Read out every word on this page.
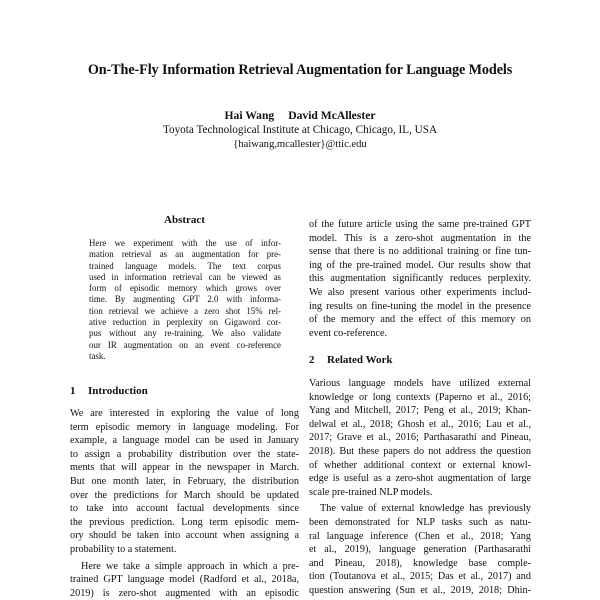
On-The-Fly Information Retrieval Augmentation for Language Models
Hai Wang David McAllester
Toyota Technological Institute at Chicago, Chicago, IL, USA
{haiwang,mcallester}@ttic.edu
Abstract
Here we experiment with the use of infor-
mation retrieval as an augmentation for pre-
trained language models. The text corpus
used in information retrieval can be viewed as
form of episodic memory which grows over
time. By augmenting GPT 2.0 with informa-
tion retrieval we achieve a zero shot 15% rel-
ative reduction in perplexity on Gigaword cor-
pus without any re-training. We also validate
our IR augmentation on an event co-reference
task.
of the future article using the same pre-trained GPT
model. This is a zero-shot augmentation in the
sense that there is no additional training or fine tun-
ing of the pre-trained model. Our results show that
this augmentation significantly reduces perplexity.
We also present various other experiments includ-
ing results on fine-tuning the model in the presence
of the memory and the effect of this memory on
event co-reference.
1 Introduction
We are interested in exploring the value of long
term episodic memory in language modeling. For
example, a language model can be used in January
to assign a probability distribution over the state-
ments that will appear in the newspaper in March.
But one month later, in February, the distribution
over the predictions for March should be updated
to take into account factual developments since
the previous prediction. Long term episodic mem-
ory should be taken into account when assigning a
probability to a statement.
Here we take a simple approach in which a pre-
trained GPT language model (Radford et al., 2018a,
2019) is zero-shot augmented with an episodic
2 Related Work
Various language models have utilized external
knowledge or long contexts (Paperno et al., 2016;
Yang and Mitchell, 2017; Peng et al., 2019; Khan-
delwal et al., 2018; Ghosh et al., 2016; Lau et al.,
2017; Grave et al., 2016; Parthasarathi and Pineau,
2018). But these papers do not address the question
of whether additional context or external knowl-
edge is useful as a zero-shot augmentation of large
scale pre-trained NLP models.
The value of external knowledge has previously
been demonstrated for NLP tasks such as natu-
ral language inference (Chen et al., 2018; Yang
et al., 2019), language generation (Parthasarathi
and Pineau, 2018), knowledge base comple-
tion (Toutanova et al., 2015; Das et al., 2017) and
question answering (Sun et al., 2019, 2018; Dhin-
